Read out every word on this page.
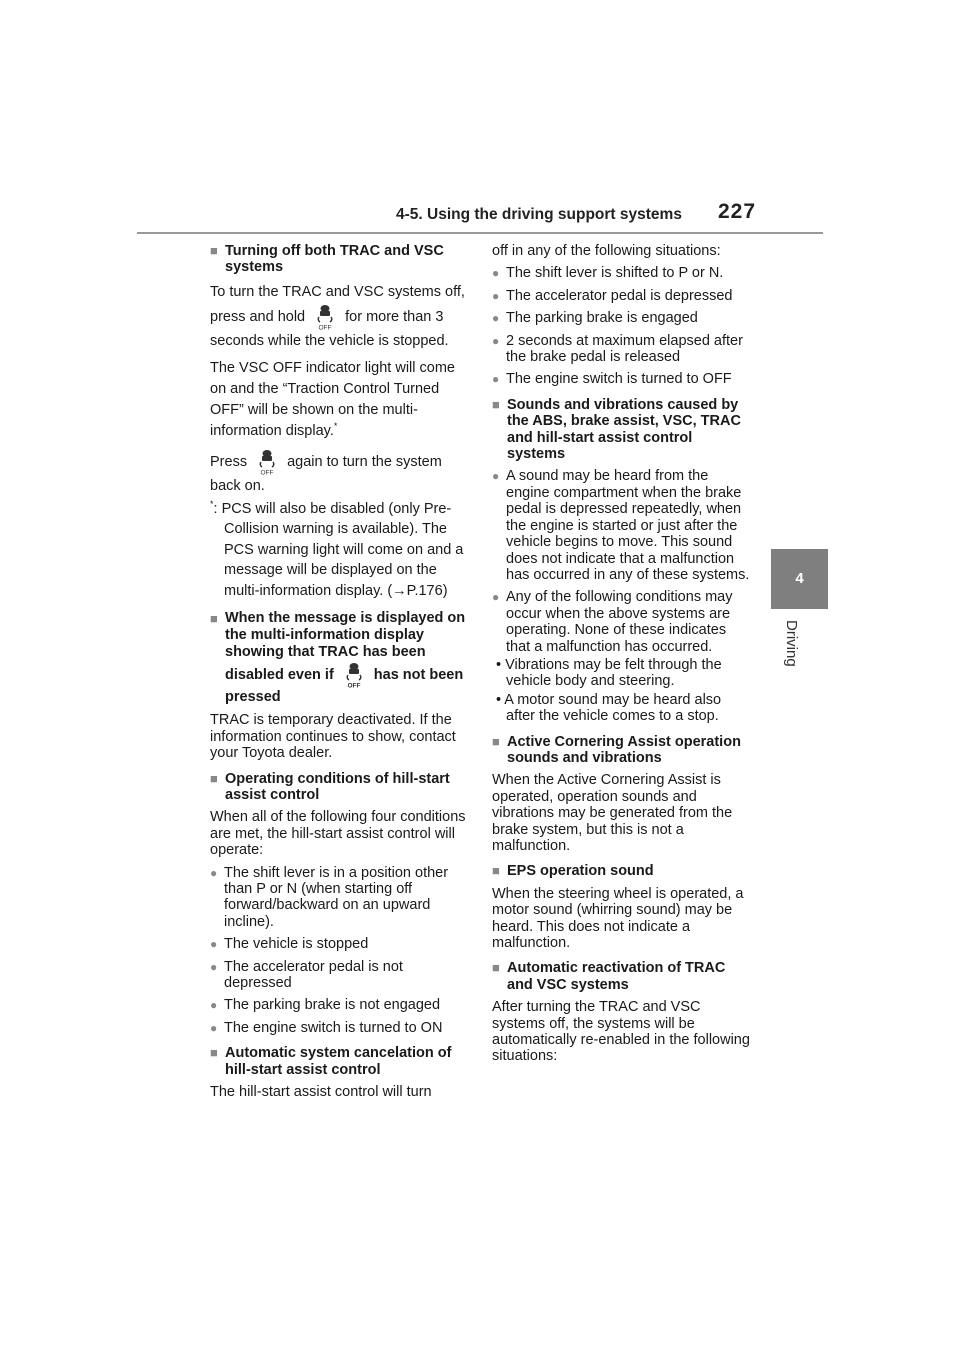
4-5. Using the driving support systems 227
4
Driving
■ Turning off both TRAC and VSC systems
To turn the TRAC and VSC systems off, press and hold	for more than 3 seconds while the vehicle is stopped.
The VSC OFF indicator light will come on and the “Traction Control Turned OFF” will be shown on the multi-information display.*
Press	again to turn the system back on.
*: PCS will also be disabled (only Pre-Collision warning is available). The PCS warning light will come on and a message will be displayed on the multi-information display. (→P.176)
■ When the message is displayed on the multi-information display showing that TRAC has been disabled even if	has not been pressed
TRAC is temporary deactivated. If the information continues to show, contact your Toyota dealer.
■ Operating conditions of hill-start assist control
When all of the following four conditions are met, the hill-start assist control will operate:
● The shift lever is in a position other than P or N (when starting off forward/backward on an upward incline).
● The vehicle is stopped
● The accelerator pedal is not depressed
● The parking brake is not engaged
● The engine switch is turned to ON
■ Automatic system cancelation of hill-start assist control
The hill-start assist control will turn
off in any of the following situations:
● The shift lever is shifted to P or N.
● The accelerator pedal is depressed
● The parking brake is engaged
● 2 seconds at maximum elapsed after the brake pedal is released
● The engine switch is turned to OFF
■ Sounds and vibrations caused by the ABS, brake assist, VSC, TRAC and hill-start assist control systems
● A sound may be heard from the engine compartment when the brake pedal is depressed repeatedly, when the engine is started or just after the vehicle begins to move. This sound does not indicate that a malfunction has occurred in any of these systems.
● Any of the following conditions may occur when the above systems are operating. None of these indicates that a malfunction has occurred.
• Vibrations may be felt through the vehicle body and steering.
• A motor sound may be heard also after the vehicle comes to a stop.
■ Active Cornering Assist operation sounds and vibrations
When the Active Cornering Assist is operated, operation sounds and vibrations may be generated from the brake system, but this is not a malfunction.
■ EPS operation sound
When the steering wheel is operated, a motor sound (whirring sound) may be heard. This does not indicate a malfunction.
■ Automatic reactivation of TRAC and VSC systems
After turning the TRAC and VSC systems off, the systems will be automatically re-enabled in the following situations:
